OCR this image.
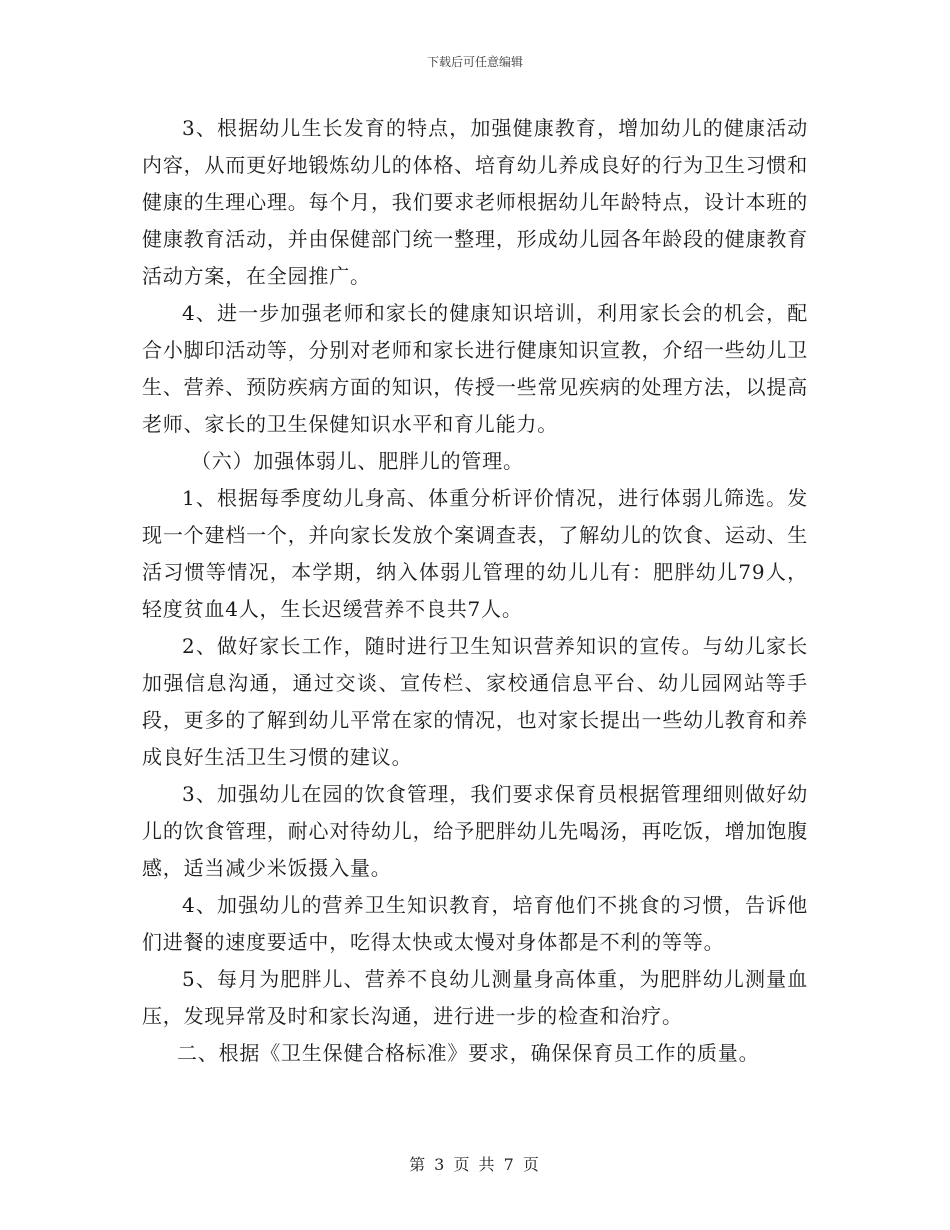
下载后可任意编辑

3、根据幼儿生长发育的特点，加强健康教育，增加幼儿的健康活动内容，从而更好地锻炼幼儿的体格、培育幼儿养成良好的行为卫生习惯和健康的生理心理。每个月，我们要求老师根据幼儿年龄特点，设计本班的健康教育活动，并由保健部门统一整理，形成幼儿园各年龄段的健康教育活动方案，在全园推广。

4、进一步加强老师和家长的健康知识培训，利用家长会的机会，配合小脚印活动等，分别对老师和家长进行健康知识宣教，介绍一些幼儿卫生、营养、预防疾病方面的知识，传授一些常见疾病的处理方法，以提高老师、家长的卫生保健知识水平和育儿能力。

（六）加强体弱儿、肥胖儿的管理。

1、根据每季度幼儿身高、体重分析评价情况，进行体弱儿筛选。发现一个建档一个，并向家长发放个案调查表，了解幼儿的饮食、运动、生活习惯等情况，本学期，纳入体弱儿管理的幼儿儿有：肥胖幼儿79人，轻度贫血4人，生长迟缓营养不良共7人。

2、做好家长工作，随时进行卫生知识营养知识的宣传。与幼儿家长加强信息沟通，通过交谈、宣传栏、家校通信息平台、幼儿园网站等手段，更多的了解到幼儿平常在家的情况，也对家长提出一些幼儿教育和养成良好生活卫生习惯的建议。

3、加强幼儿在园的饮食管理，我们要求保育员根据管理细则做好幼儿的饮食管理，耐心对待幼儿，给予肥胖幼儿先喝汤，再吃饭，增加饱腹感，适当减少米饭摄入量。

4、加强幼儿的营养卫生知识教育，培育他们不挑食的习惯，告诉他们进餐的速度要适中，吃得太快或太慢对身体都是不利的等等。

5、每月为肥胖儿、营养不良幼儿测量身高体重，为肥胖幼儿测量血压，发现异常及时和家长沟通，进行进一步的检查和治疗。

二、根据《卫生保健合格标准》要求，确保保育员工作的质量。

第 3 页 共 7 页
